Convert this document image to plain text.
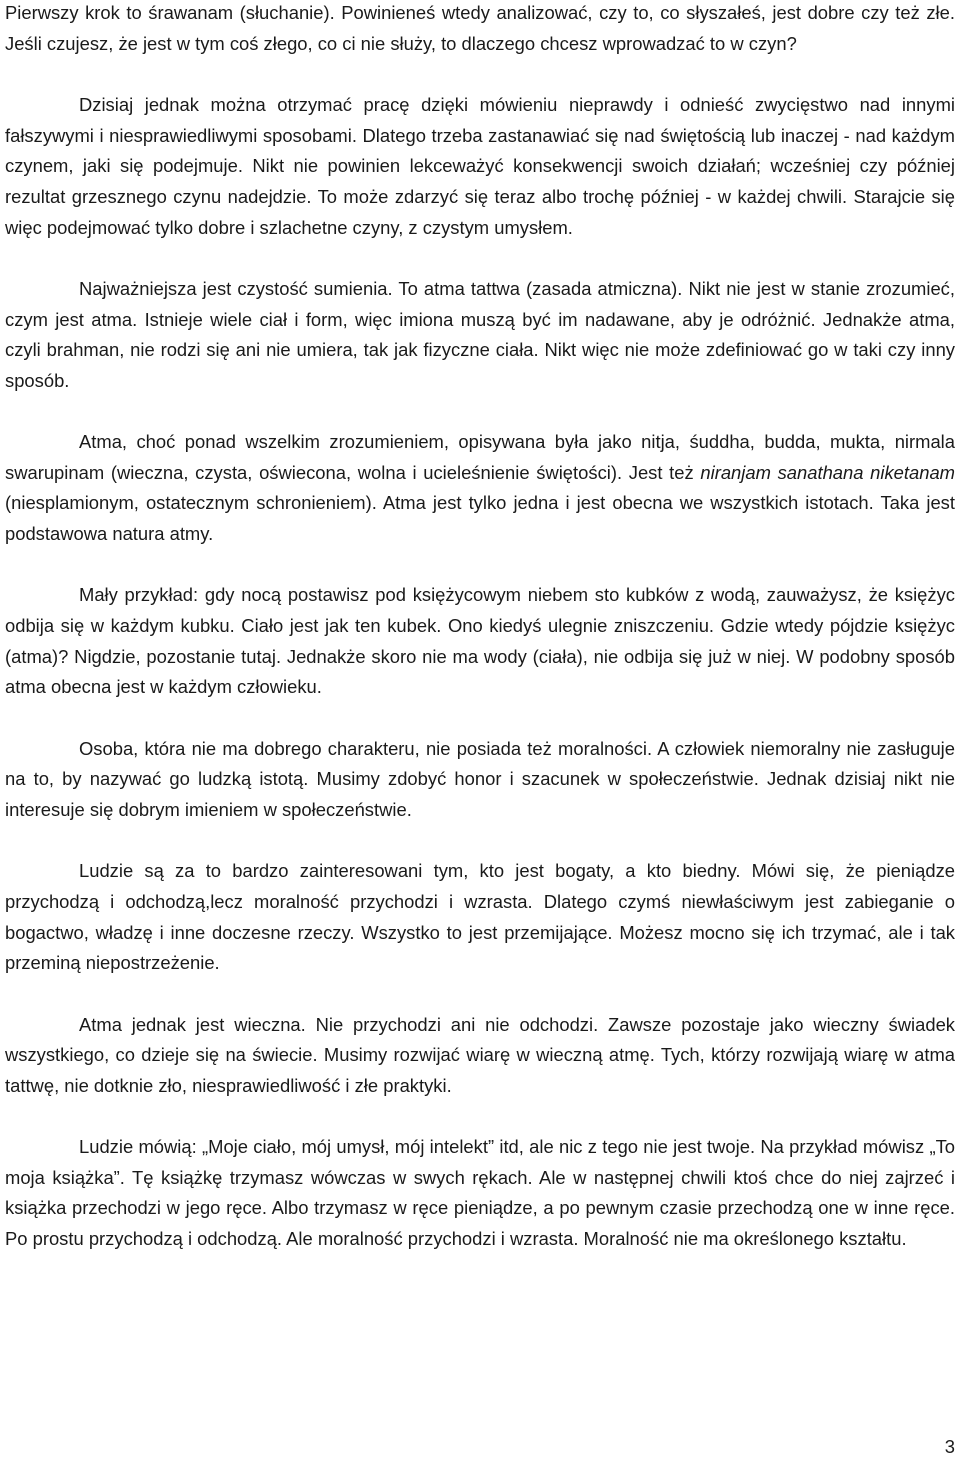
Pierwszy krok to śrawanam (słuchanie). Powinieneś wtedy analizować, czy to, co słyszałeś, jest dobre czy też złe. Jeśli czujesz, że jest w tym coś złego, co ci nie służy, to dlaczego chcesz wprowadzać to w czyn?

Dzisiaj jednak można otrzymać pracę dzięki mówieniu nieprawdy i odnieść zwycięstwo nad innymi fałszywymi i niesprawiedliwymi sposobami. Dlatego trzeba zastanawiać się nad świętością lub inaczej - nad każdym czynem, jaki się podejmuje. Nikt nie powinien lekceważyć konsekwencji swoich działań; wcześniej czy później rezultat grzesznego czynu nadejdzie. To może zdarzyć się teraz albo trochę później - w każdej chwili. Starajcie się więc podejmować tylko dobre i szlachetne czyny, z czystym umysłem.

Najważniejsza jest czystość sumienia. To atma tattwa (zasada atmiczna). Nikt nie jest w stanie zrozumieć, czym jest atma. Istnieje wiele ciał i form, więc imiona muszą być im nadawane, aby je odróżnić. Jednakże atma, czyli brahman, nie rodzi się ani nie umiera, tak jak fizyczne ciała. Nikt więc nie może zdefiniować go w taki czy inny sposób.

Atma, choć ponad wszelkim zrozumieniem, opisywana była jako nitja, śuddha, budda, mukta, nirmala swarupinam (wieczna, czysta, oświecona, wolna i ucieleśnienie świętości). Jest też niranjam sanathana niketanam (niesplamionym, ostatecznym schronieniem). Atma jest tylko jedna i jest obecna we wszystkich istotach. Taka jest podstawowa natura atmy.

Mały przykład: gdy nocą postawisz pod księżycowym niebem sto kubków z wodą, zauważysz, że księżyc odbija się w każdym kubku. Ciało jest jak ten kubek. Ono kiedyś ulegnie zniszczeniu. Gdzie wtedy pójdzie księżyc (atma)? Nigdzie, pozostanie tutaj. Jednakże skoro nie ma wody (ciała), nie odbija się już w niej. W podobny sposób atma obecna jest w każdym człowieku.

Osoba, która nie ma dobrego charakteru, nie posiada też moralności. A człowiek niemoralny nie zasługuje na to, by nazywać go ludzką istotą. Musimy zdobyć honor i szacunek w społeczeństwie. Jednak dzisiaj nikt nie interesuje się dobrym imieniem w społeczeństwie.

Ludzie są za to bardzo zainteresowani tym, kto jest bogaty, a kto biedny. Mówi się, że pieniądze przychodzą i odchodzą,lecz moralność przychodzi i wzrasta. Dlatego czymś niewłaściwym jest zabieganie o bogactwo, władzę i inne doczesne rzeczy. Wszystko to jest przemijające. Możesz mocno się ich trzymać, ale i tak przeminą niepostrzeżenie.

Atma jednak jest wieczna. Nie przychodzi ani nie odchodzi. Zawsze pozostaje jako wieczny świadek wszystkiego, co dzieje się na świecie. Musimy rozwijać wiarę w wieczną atmę. Tych, którzy rozwijają wiarę w atma tattwę, nie dotknie zło, niesprawiedliwość i złe praktyki.

Ludzie mówią: „Moje ciało, mój umysł, mój intelekt” itd, ale nic z tego nie jest twoje. Na przykład mówisz „To moja książka”. Tę książkę trzymasz wówczas w swych rękach. Ale w następnej chwili ktoś chce do niej zajrzeć i książka przechodzi w jego ręce. Albo trzymasz w ręce pieniądze, a po pewnym czasie przechodzą one w inne ręce. Po prostu przychodzą i odchodzą. Ale moralność przychodzi i wzrasta. Moralność nie ma określonego kształtu.

3
